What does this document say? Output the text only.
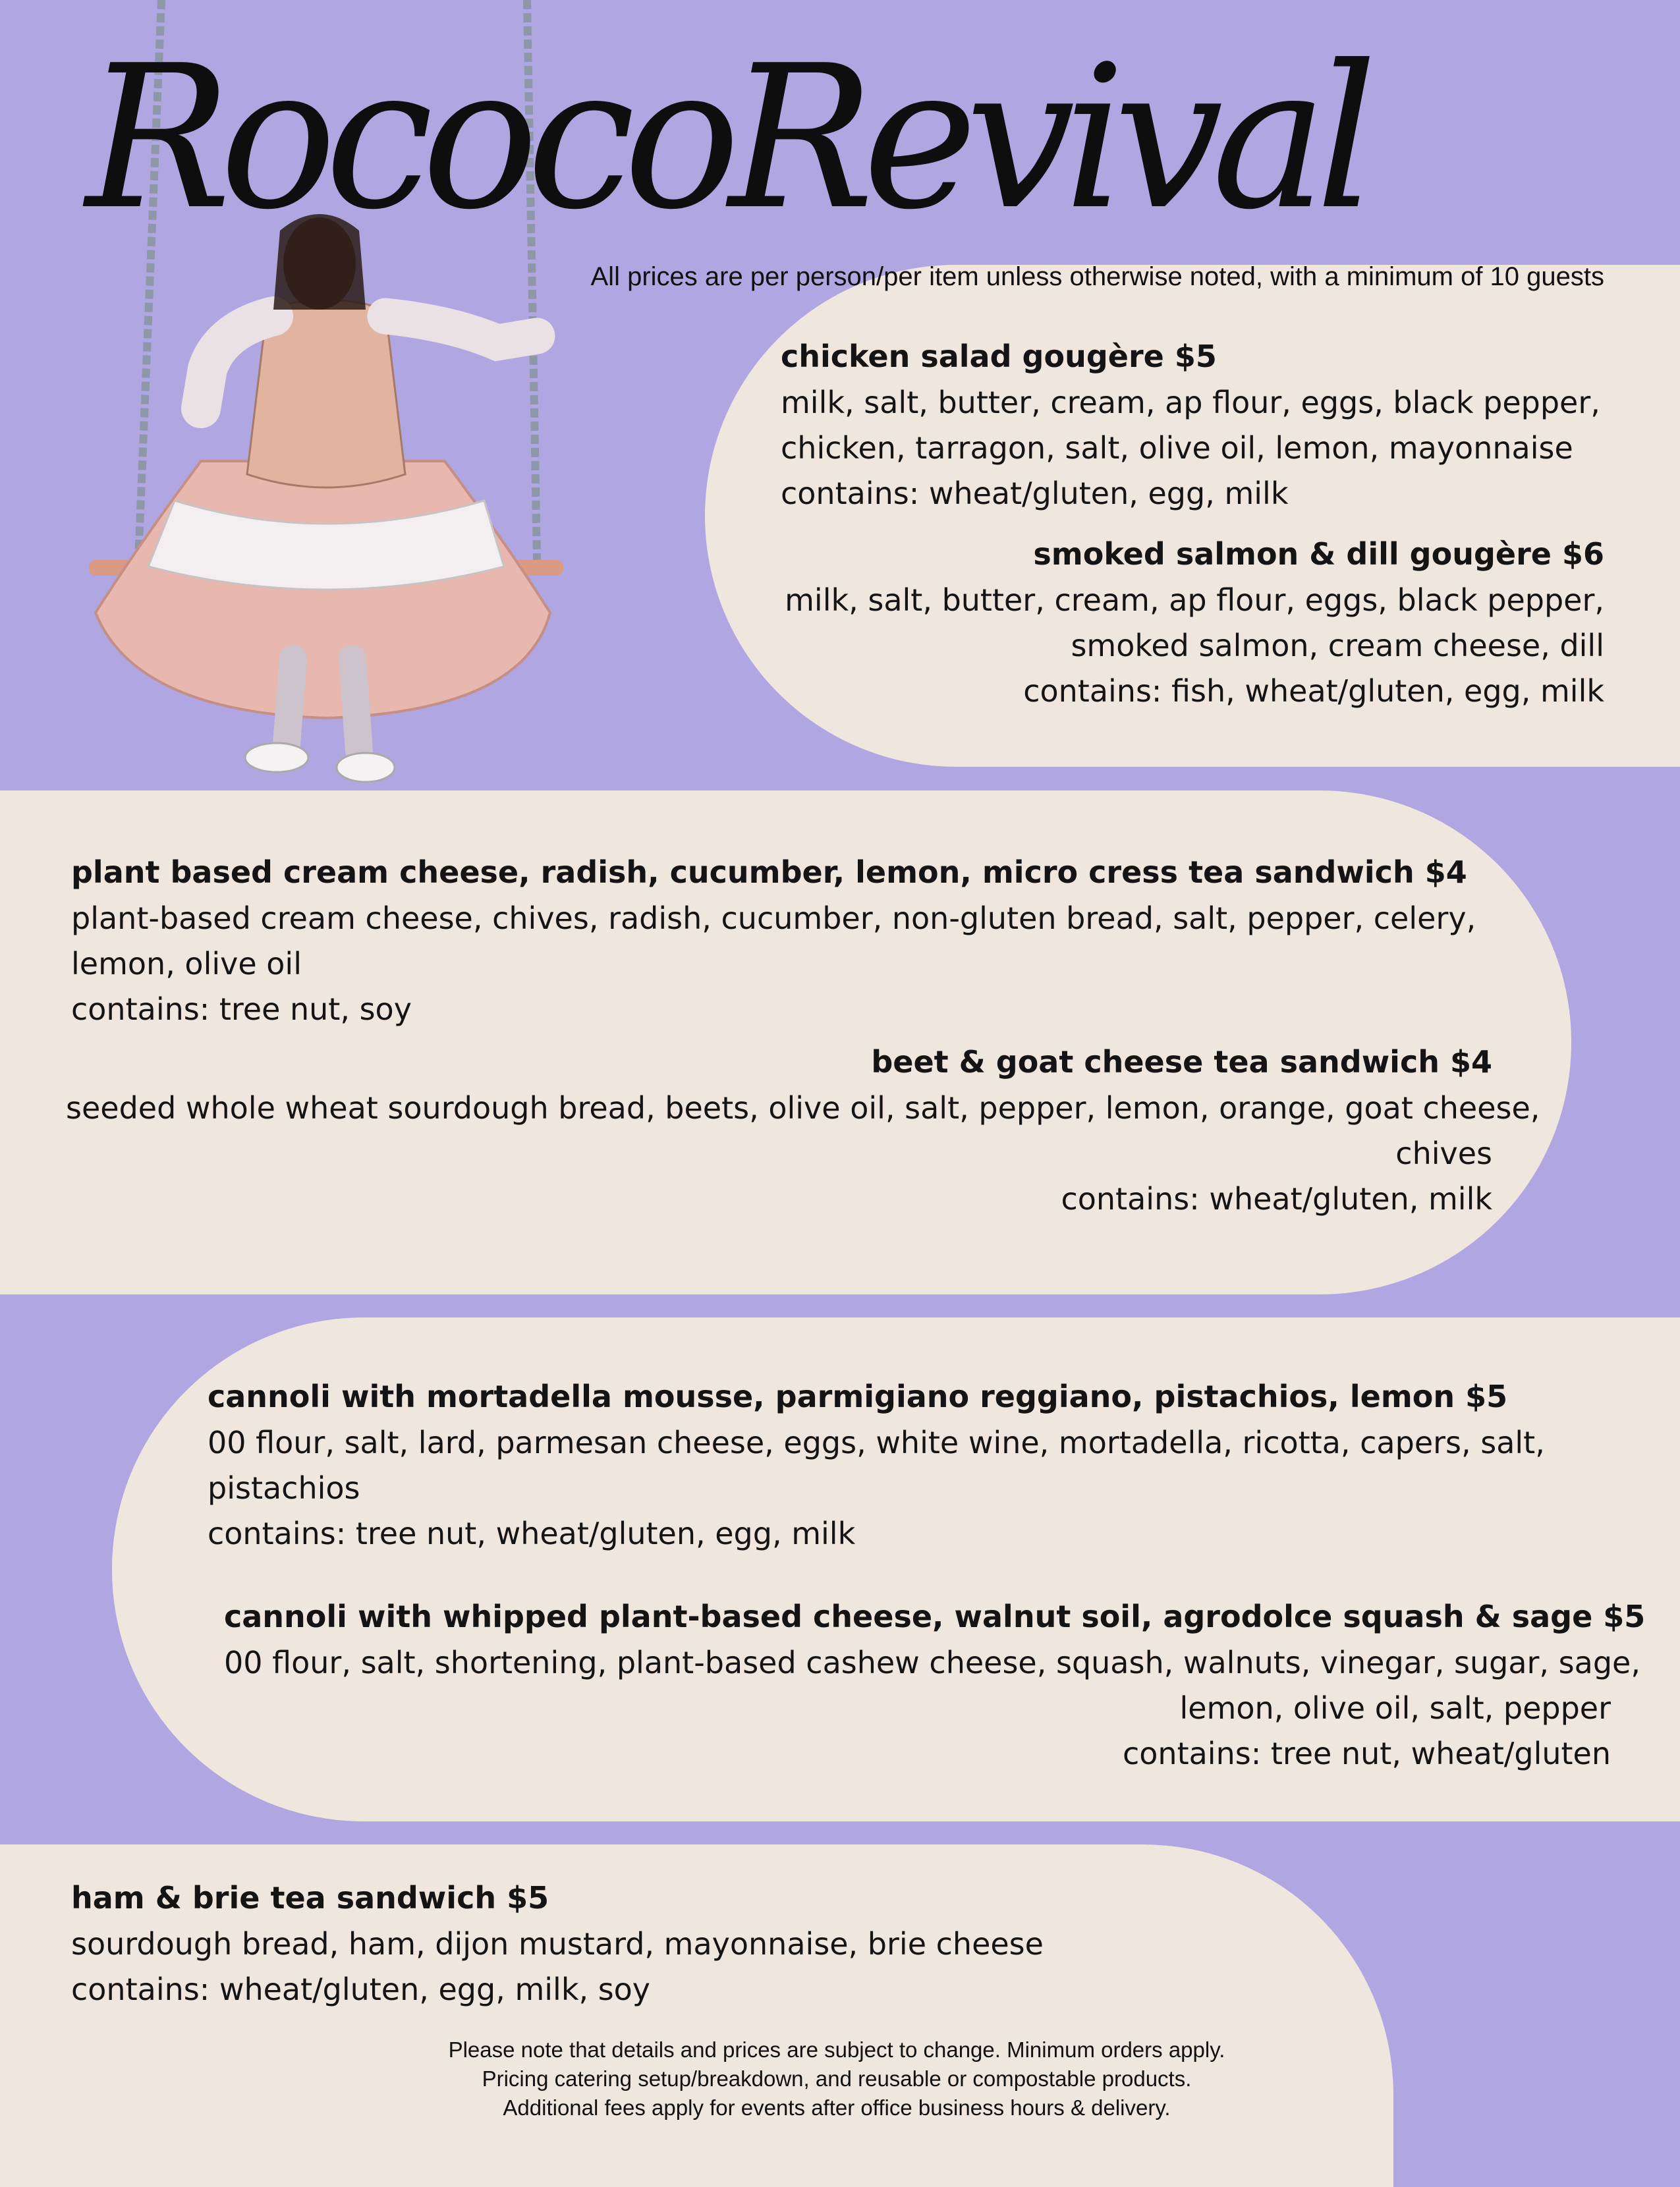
RococoRevival
All prices are per person/per item unless otherwise noted, with a minimum of 10 guests
chicken salad gougère $5
milk, salt, butter, cream, ap flour, eggs, black pepper,
chicken, tarragon, salt, olive oil, lemon, mayonnaise
contains: wheat/gluten, egg, milk
smoked salmon & dill gougère $6
milk, salt, butter, cream, ap flour, eggs, black pepper,
smoked salmon, cream cheese, dill
contains: fish, wheat/gluten, egg, milk
plant based cream cheese, radish, cucumber, lemon, micro cress tea sandwich $4
plant-based cream cheese, chives, radish, cucumber, non-gluten bread, salt, pepper, celery,
lemon, olive oil
contains: tree nut, soy
beet & goat cheese tea sandwich $4
seeded whole wheat sourdough bread, beets, olive oil, salt, pepper, lemon, orange, goat cheese,
chives
contains: wheat/gluten, milk
cannoli with mortadella mousse, parmigiano reggiano, pistachios, lemon $5
00 flour, salt, lard, parmesan cheese, eggs, white wine, mortadella, ricotta, capers, salt,
pistachios
contains: tree nut, wheat/gluten, egg, milk
cannoli with whipped plant-based cheese, walnut soil, agrodolce squash & sage $5
00 flour, salt, shortening, plant-based cashew cheese, squash, walnuts, vinegar, sugar, sage,
lemon, olive oil, salt, pepper
contains: tree nut, wheat/gluten
ham & brie tea sandwich $5
sourdough bread, ham, dijon mustard, mayonnaise, brie cheese
contains: wheat/gluten, egg, milk, soy
Please note that details and prices are subject to change. Minimum orders apply.
Pricing catering setup/breakdown, and reusable or compostable products.
Additional fees apply for events after office business hours & delivery.
